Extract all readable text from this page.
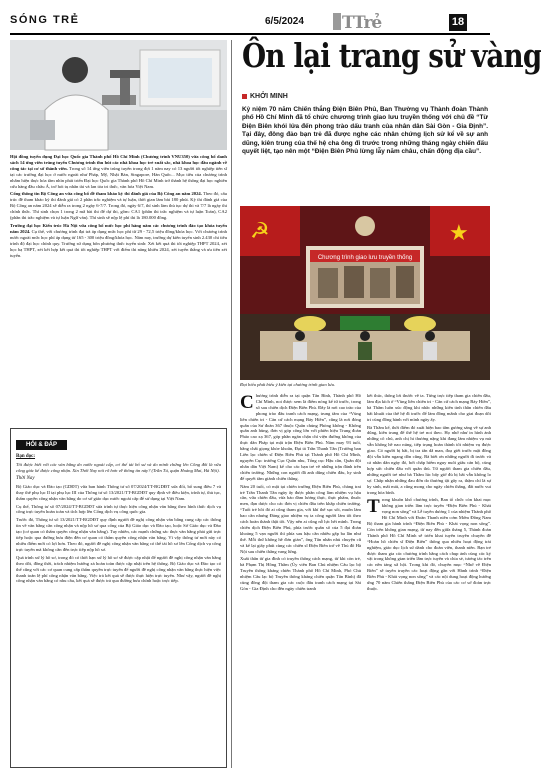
SÓNG TRẺ	6/5/2024 TTrẻ	18

Hội đồng tuyển dụng Đại học Quốc gia Thành phố Hồ Chí Minh (Chương trình VNU350) vừa công bố danh sách 14 ứng viên trúng tuyển Chương trình thu hút các nhà khoa học trẻ xuất sắc, nhà khoa học đầu ngành về công tác tại cơ sở thành viên. Trong số 14 ứng viên trúng tuyển trong đợt 1 năm nay có 13 người tốt nghiệp tiến sĩ tại các trường đại học ở nước ngoài như Pháp, Mỹ, Nhật Bản, Singapore, Hàn Quốc... Mục tiêu của chương trình nhằm hiện thực hóa tầm nhìn phát triển Đại học Quốc gia Thành phố Hồ Chí Minh trở thành hệ thống đại học nghiên cứu hàng đầu châu Á, trở hỏi tụ nhân tài và lan tỏa tri thức, văn hóa Việt Nam.

Cổng thông tin Bộ Công an vừa công bố đề tham khảo kỳ thi đánh giá của Bộ Công an năm 2024. Theo đó, cấu trúc đề tham khảo kỳ thi đánh giá có 2 phần trắc nghiệm và tự luận, thời gian làm bài 180 phút. Kỳ thi đánh giá của Bộ Công an năm 2024 sẽ diễn ra trong 2 ngày 6-7/7. Trong đó, ngày 6/7, thí sinh làm thủ tục dự thi và 7/7 là ngày thi chính thức. Thí sinh chọn 1 trong 2 mã bài thi để dự thi, gồm: CA1 (phần thi trắc nghiệm và tự luận Toán), CA2 (phần thi trắc nghiệm và tự luận Ngữ văn). Thí sinh sẽ nộp lệ phí thi là 180.000 đồng.

Trường đại học Kiến trúc Hà Nội vừa công bố mức học phí hàng năm các chương trình đào tạo khóa tuyển năm 2024. Cụ thể, với chương trình đại trà áp dụng mức học phí từ 29 - 72,5 triệu đồng/khóa học. Với chương trình nước ngoài mức học phí áp dụng từ 165 - 300 triệu đồng/khóa học. Năm nay, trường dự kiến tuyển sinh 2.430 chỉ tiêu trình độ đại học chính quy. Trường sử dụng bốn phương thức tuyển sinh: Xét kết quả thi tốt nghiệp THPT 2024, xét học bạ THPT, xét kết hợp kết quả thi tốt nghiệp THPT với điểm thi năng khiếu 2024, xét tuyển thẳng và ưu tiên xét tuyển.

HỎI & ĐÁP

Bạn đọc:

Tôi được biết với các văn bằng do nước ngoài cấp, cơ thể tài bổ sư và do mình chứng lên Công đối là vừa công giác kể được công nhận. Xin Thời Nay nói rõ hơn về thông tin này? (Trần Tú, quận Hoàng Mai, Hà Nội).

Thời Nay

Bộ Giáo dục và Đào tạo (GDĐT) vừa ban hành Thông tư số 07/2024/TT-BGDĐT sửa đổi, bổ sung điều 7 và thay thế phụ lục II tại phụ lục III của Thông tư số 13/2021/TT-BGDĐT quy định về điều kiện, trình tự, thủ tục, thẩm quyền công nhận văn bằng do cơ sở giáo dục nước ngoài cấp để sử dụng tại Việt Nam.

Cụ thể, Thông tư số 07/2024/TT-BGDĐT sửa trình tự thực hiện công nhận văn bằng theo hình thức dịch vụ công trực tuyến hoàn toàn và tích hợp lên Cổng dịch vụ công quốc gia.

Trước đó, Thông tư số 13/2021/TT-BGDĐT quy định người đề nghị công nhận văn bằng cung cấp các thông tin về văn bằng cần công nhận và nộp hồ sơ qua cổng của Bộ Giáo dục và Đào tạo, hoặc Sở Giáo dục và Đào tạo (cơ quan có thẩm quyền công nhận văn bằng). Tuy nhiên, các mạnh chứng sác thực văn bằng phải gửi trực tiếp hoặc qua đường bưu điện đến cơ quan có thẩm quyền công nhận văn bằng. Vì vậy thông tư mới này có nhiều điểm mới có lợi hơn. Theo đó, người đề nghị công nhận văn bằng có thể tải hồ sơ lên Cổng dịch vụ công trực tuyến mà không cần đến trực tiếp nộp hồ sơ.

Quá trình xử lý hồ sơ, trong đó có thời hạn xử lý hồ sơ sẽ được cập nhật để người đề nghị công nhận văn bằng theo dõi, đồng thời, trách nhiệm hướng xả hoàn toàn được cập nhật trên hệ thống. Bộ Giáo dục và Đào tạo có thể cũng với các cơ quan cung cấp thẩm quyền trực tuyến để người đề nghị công nhận văn bằng thực hiện việc thanh toán lệ phí công nhận văn bằng. Việc trả kết quả sẽ được thực hiện trực tuyến. Như vậy, người đề nghị công nhận văn bằng có nhu cầu, kết quả sẽ được trả qua đường bưu chính hoặc trực tiếp.

Ôn lại trang sử vàng
KHỞI MINH
Kỷ niệm 70 năm Chiến thắng Điện Biên Phủ, Ban Thường vụ Thành đoàn Thành phố Hồ Chí Minh đã tổ chức chương trình giao lưu truyền thống với chủ đề “Từ Điện Biên khói lửa đến phong trào dấu tranh của nhân dân Sài Gòn - Gia Định”. Tại đây, đông đảo bạn trẻ đã được nghe các nhân chứng lịch sử kể về sự anh dũng, kiên trung của thế hệ cha ông đi trước trong những tháng ngày chiến đấu quyết liệt, tạo nên một “Điện Biên Phủ lừng lẫy năm châu, chấn động địa cầu”.
☭	★
Chương trình giao lưu truyền thống
Đại biểu phát biểu ý kiến tại chương trình giao lưu.

Chương trình diễn ra tại quận Tân Bình, Thành phố Hồ Chí Minh, noi được xem là điểm nóng kể từ trước, trong số sau chiến dịch Điện Biên Phủ. Đây là nơi cao trào của phong trào đấu tranh cách mạng, trung tâm của “Vùng liên chiến tri - Căn cứ cách mạng Bảy Hiền”, cũng là nơi đóng quân của Sư đoàn 367 thuộc Quân chủng Phòng không - Không quân anh hùng, đơn vị góp công lớn với phiên hiệu Trung đoàn Pháo cao xạ 367, góp phần ngăn chặn chí viện đường không của thực dân Pháp tại mặt trận Điện Biên Phủ. Năm may 93 tuổi, bằng chất giọng khỏe khoắn, Đại tá Trần Thanh Tân (Trường ban Liên lạc chiến sĩ Điện Biên Phủ tại Thành phố Hồ Chí Minh, nguyên Cục trưởng Cục Quân nhu, Tổng cục Hậu cần, Quân đội nhân dân Việt Nam) kể cho các bạn trẻ về những trận đánh trên chiến trường. Những con người đã anh dũng chiến đấu, hy sinh để quyết tâm giành chiến thắng.

Năm 20 tuổi, có mặt tại chiến trường Điện Biên Phủ, chàng trai trẻ Trần Thanh Tân ngày ấy được phân công làm nhiệm vụ hậu cần, vừa chiến đấu, vừa bảo đảm lương thực, thực phẩm, thuốc men, đạn dược cho các đơn vị chiến đấu trên khắp chiến trường. “Tuổi trẻ hồi đó ai cũng tham gia, với khí thế sục sôi, muốn làm bao cần nhưng Đảng giao nhiệm vụ ta công người làm tốt theo cách hoàn thành thật tốt. Vậy nên ai cũng nỗ lực hết mình. Trong chiến dịch Điện Biên Phủ, phía trước quân số của 5 đại đoàn khoảng 5 vạn người thì phía sau hậu cần nhiều gấp ba lần như thế. Mỗi thứ không hề đơn giản”, ông Tân nhấn nhủ chuyện cũ và kể lại giây phút cùng các chiến sĩ Điện Biên trở về Thủ đô Hà Nội sau chiến thắng vang lừng.

Xuất thân từ gia đình có truyền thống cách mạng, từ khi còn trẻ, bà Phạm Thị Hồng Thắm (Ủy viên Ban Chủ nhiệm Câu lạc bộ Truyền thống kháng chiến Thành phố Hồ Chí Minh, Phó Chủ nhiệm Câu lạc bộ Truyền thống kháng chiến quận Tân Bình) đã cùng đồng đội tham gia các cuộc đấu tranh cách mạng tại Sài Gòn - Gia Định cho đến ngày chiến tranh

kết thúc, thống lơi thước về ta. Từng trực tiếp tham gia chiến đấu, làm địa kích ở “Vùng liên chiến tri - Căn cứ cách mạng Bảy Hiền”, bà Thắm luôn xúc động khi nhắc những kiến tinh thần chiến đấu bất khuất của thế hệ đi trước để làm đồng mãnh cho giai đoạn dõi tri cùng đồng hành với mình ngày ấy.

Bà Thắm kể, thời điểm đó xuất hiện bao tấm gương sáng về sự anh dũng, kiên trung để thế hệ trẻ noi theo. Họ nhớ như in hình ảnh những cô chú, anh chị hi thương nặng khi đang làm nhiệm vụ mà vẫn không hề nao núng, tiếp trụng hoàn thành tốt nhiệm vụ được giao. Có người bị bắt, bị tra tấn dã man, đoạ giết trước mặt đồng đội vẫn kiên ngang dõn cũng. Bà biết ơn những người đi trước và cả nhân dân ngày đó, bởi chấp hiểm nguy nuôi giấu cán bộ, cùng hợp sức chiến đấu với quân thù. Từ người tham gia chiến đấu, những người trẻ như bà Thắm lúc bấy giờ đủ bị bắt vẫn không lo sợ. Chấp nhận những đau đớn do thương tật gây ra, thậm chí là sự hy sinh, mất mát, a cũng mong cho ngày chiến thắng, đất nước vui trong hòa bình.

Trong khuôn khổ chương trình, Ban tổ chức còn khai mạc không gian triển lãm trực tuyến “Điện Biên Phủ - Khát vọng non sông” và Lễ tuyên dương 1 của nhiệm Thành phố Hồ Chí Minh với Đoàn Thanh niên cơm Mớm Đồng Nam Bộ tham gia hành trình “Điện Biên Phủ - Khát vọng non sông”. Còn trên không gian mạng, từ nay đến giữa tháng 5, Thành đoàn Thành phố Hồ Chí Minh sẽ triển khai tuyến truyền chuyên đề “Hoàn hồ chiến sĩ Điện Biên” thông qua nhiều hoạt động trải nghiệm, giáo dục lịch sử dành cho đoàn viên, thanh niên. Bạn trẻ được tham gia các chương trình bằng cách chụp ảnh cùng các kỷ vật trong không gian triển lãm trực tuyến và chia sẻ, tương tác trên các nền tảng xã hội. Trong khi đó, chuyên mục “Nhớ về Điện Biên” sẽ tuyên truyền các hoạt động gắn với Hành trình “Điện Biên Phủ - Khát vọng non sông” và các nội dung hoạt động hướng ứng 70 năm Chiến thắng Điện Biên Phủ của các cơ sở đoàn trực thuộc.
